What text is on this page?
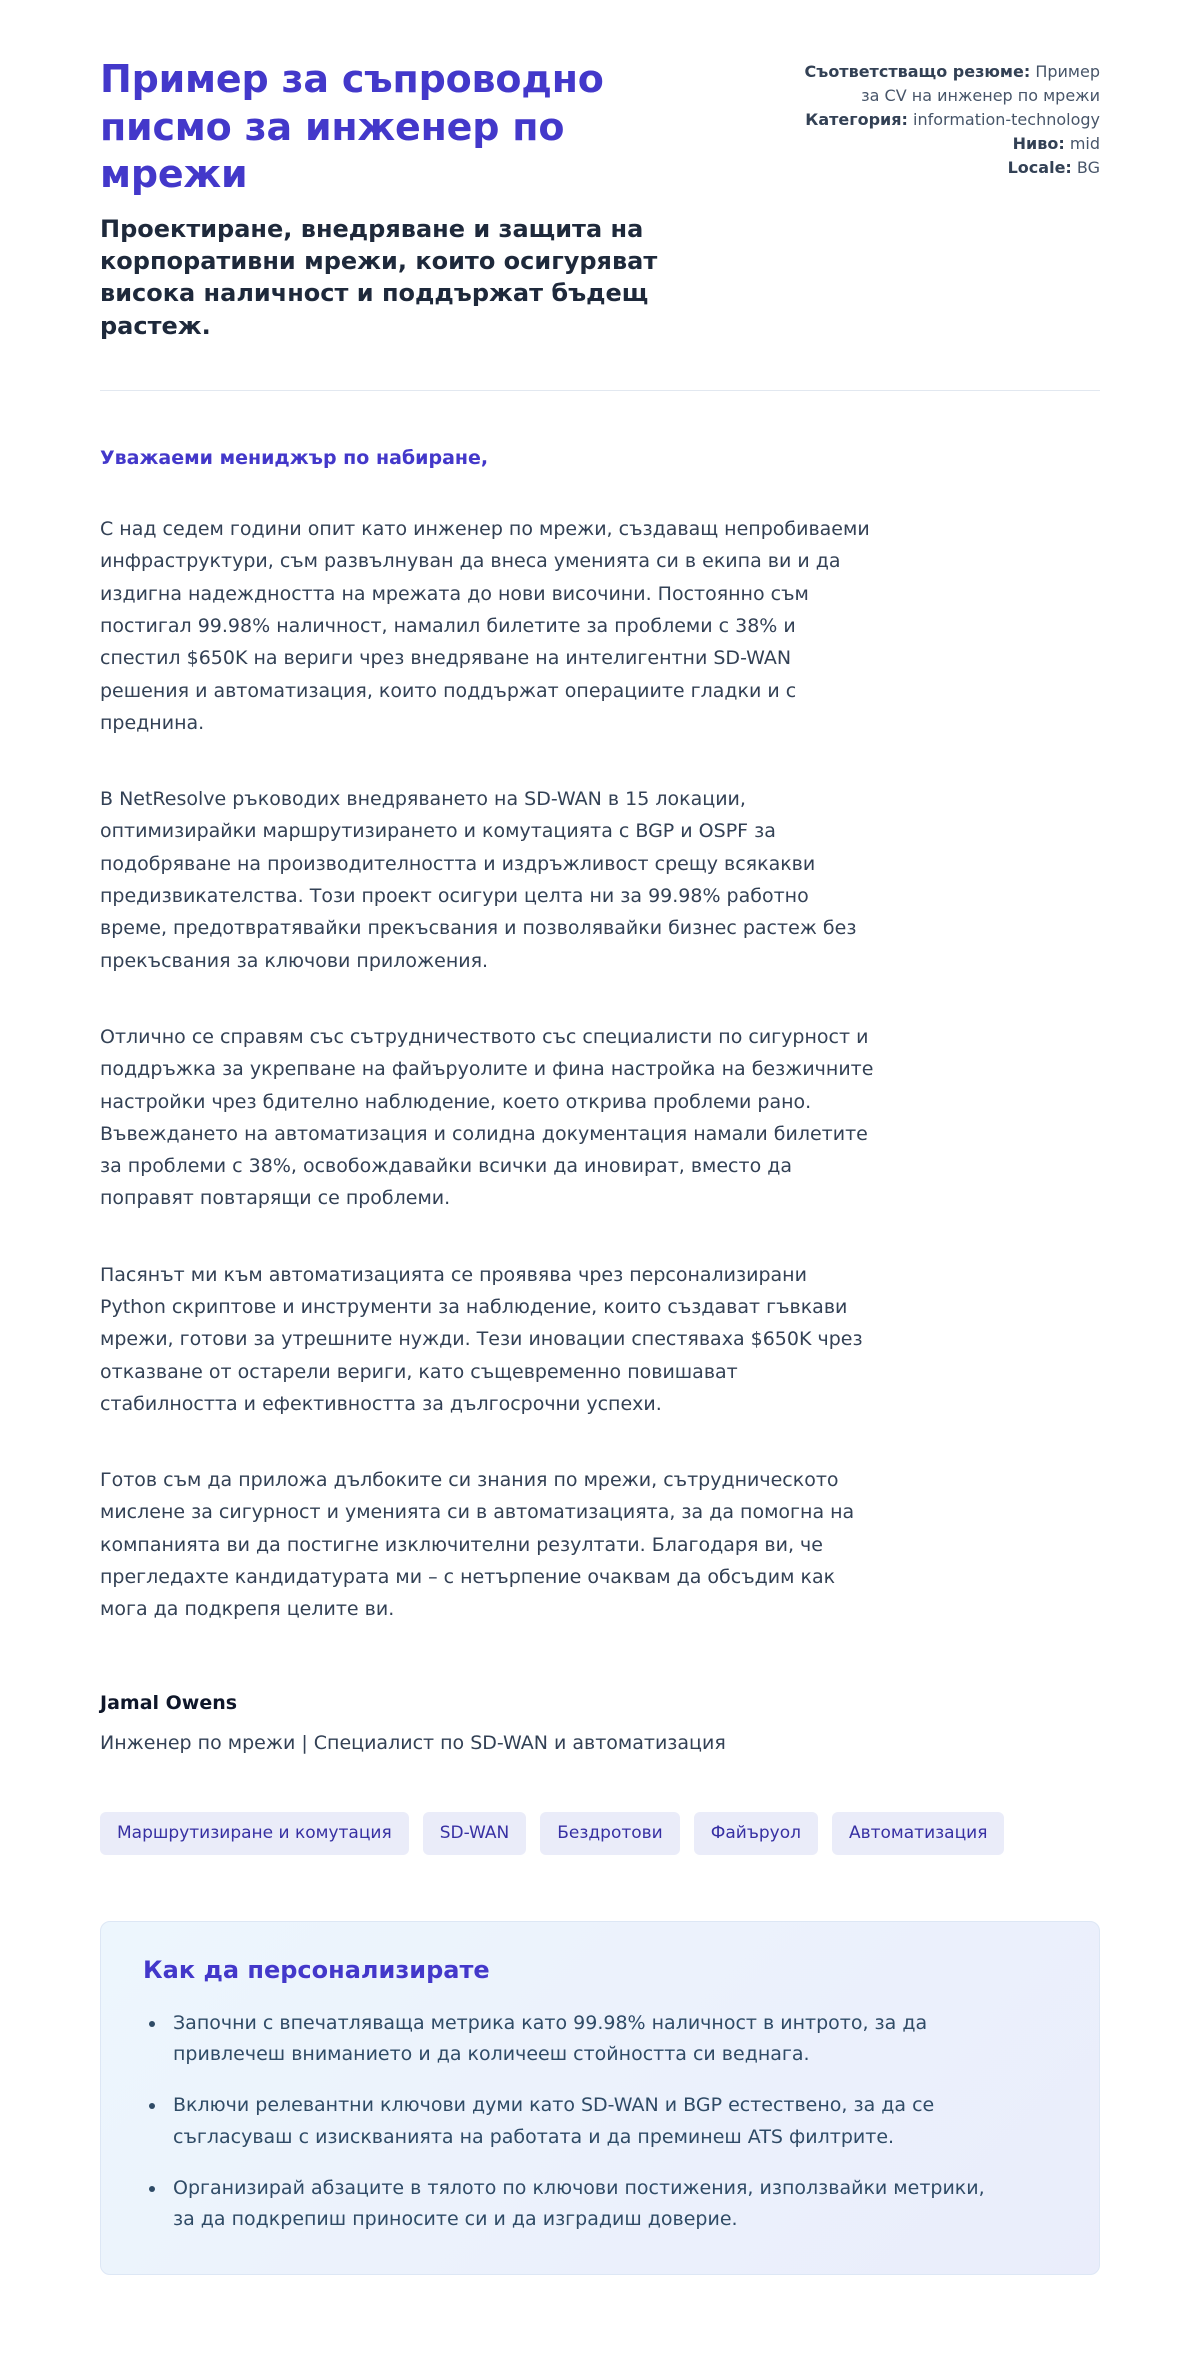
Пример за съпроводно писмо за инженер по мрежи
Проектиране, внедряване и защита на корпоративни мрежи, които осигуряват висока наличност и поддържат бъдещ растеж.
Съответстващо резюме: Пример за CV на инженер по мрежи
Категория: information-technology
Ниво: mid
Locale: BG

Уважаеми мениджър по набиране,

С над седем години опит като инженер по мрежи, създаващ непробиваеми инфраструктури, съм развълнуван да внеса уменията си в екипа ви и да издигна надеждността на мрежата до нови височини. Постоянно съм постигал 99.98% наличност, намалил билетите за проблеми с 38% и спестил $650K на вериги чрез внедряване на интелигентни SD-WAN решения и автоматизация, които поддържат операциите гладки и с преднина.

В NetResolve ръководих внедряването на SD-WAN в 15 локации, оптимизирайки маршрутизирането и комутацията с BGP и OSPF за подобряване на производителността и издръжливост срещу всякакви предизвикателства. Този проект осигури целта ни за 99.98% работно време, предотвратявайки прекъсвания и позволявайки бизнес растеж без прекъсвания за ключови приложения.

Отлично се справям със сътрудничеството със специалисти по сигурност и поддръжка за укрепване на файъруолите и фина настройка на безжичните настройки чрез бдително наблюдение, което открива проблеми рано. Въвеждането на автоматизация и солидна документация намали билетите за проблеми с 38%, освобождавайки всички да иновират, вместо да поправят повтарящи се проблеми.

Пасянът ми към автоматизацията се проявява чрез персонализирани Python скриптове и инструменти за наблюдение, които създават гъвкави мрежи, готови за утрешните нужди. Тези иновации спестяваха $650K чрез отказване от остарели вериги, като същевременно повишават стабилността и ефективността за дългосрочни успехи.

Готов съм да приложа дълбоките си знания по мрежи, сътрудническото мислене за сигурност и уменията си в автоматизацията, за да помогна на компанията ви да постигне изключителни резултати. Благодаря ви, че прегледахте кандидатурата ми – с нетърпение очаквам да обсъдим как мога да подкрепя целите ви.

Jamal Owens

Инженер по мрежи | Специалист по SD-WAN и автоматизация

Маршрутизиране и комутация	SD-WAN	Бездротови	Файъруол	Автоматизация
Как да персонализирате
• Започни с впечатляваща метрика като 99.98% наличност в интрото, за да привлечеш вниманието и да количееш стойността си веднага.
• Включи релевантни ключови думи като SD-WAN и BGP естествено, за да се съгласуваш с изискванията на работата и да преминеш ATS филтрите.
• Организирай абзаците в тялото по ключови постижения, използвайки метрики, за да подкрепиш приносите си и да изградиш доверие.
